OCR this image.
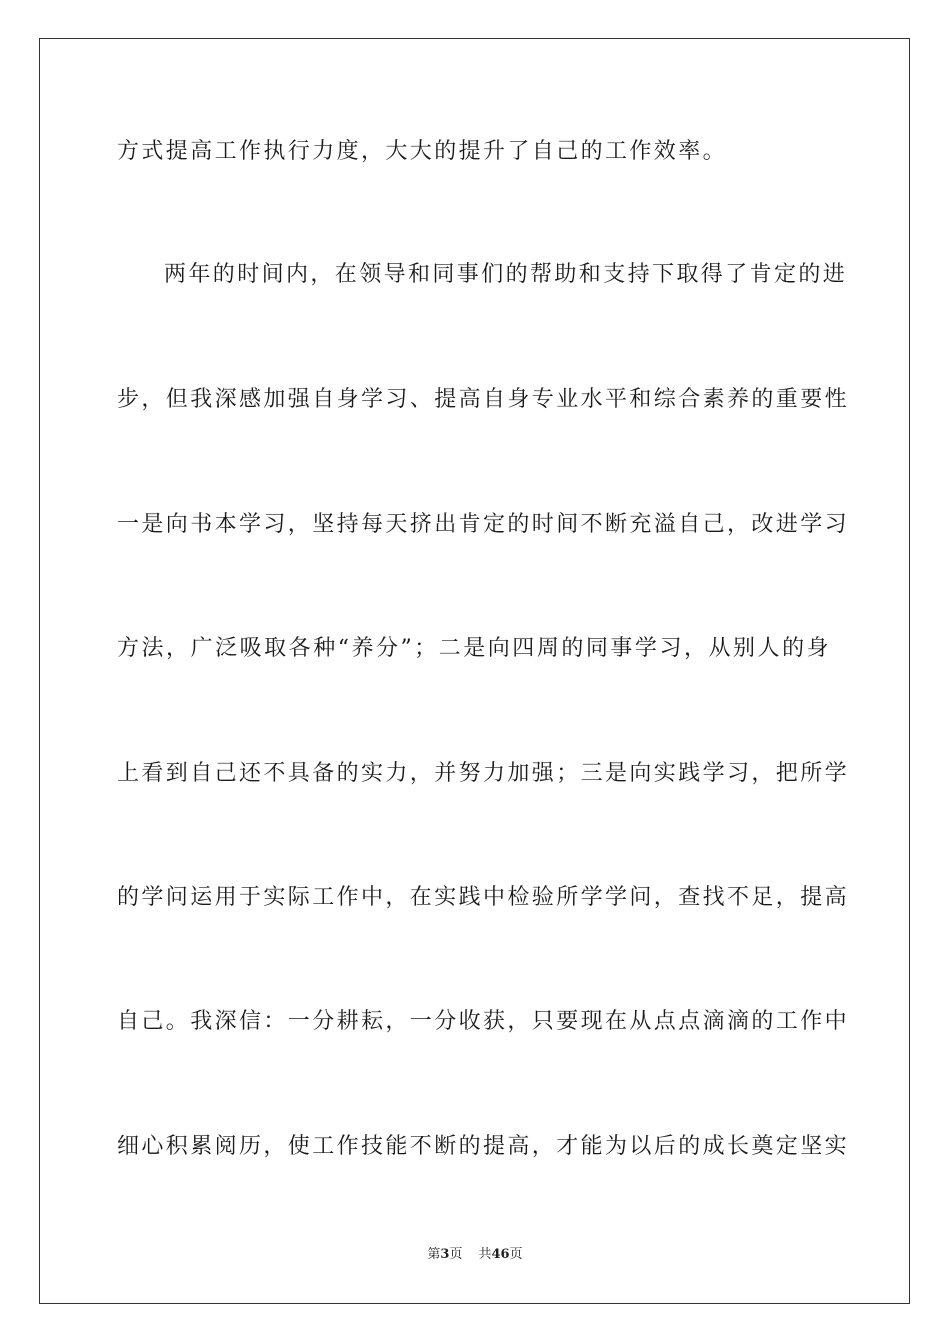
方式提高工作执行力度，大大的提升了自己的工作效率。
两年的时间内，在领导和同事们的帮助和支持下取得了肯定的进
步，但我深感加强自身学习、提高自身专业水平和综合素养的重要性
一是向书本学习，坚持每天挤出肯定的时间不断充溢自己，改进学习
方法，广泛吸取各种“养分”；二是向四周的同事学习，从别人的身
上看到自己还不具备的实力，并努力加强；三是向实践学习，把所学
的学问运用于实际工作中，在实践中检验所学学问，查找不足，提高
自己。我深信：一分耕耘，一分收获，只要现在从点点滴滴的工作中
细心积累阅历，使工作技能不断的提高，才能为以后的成长奠定坚实
第3页 共46页
